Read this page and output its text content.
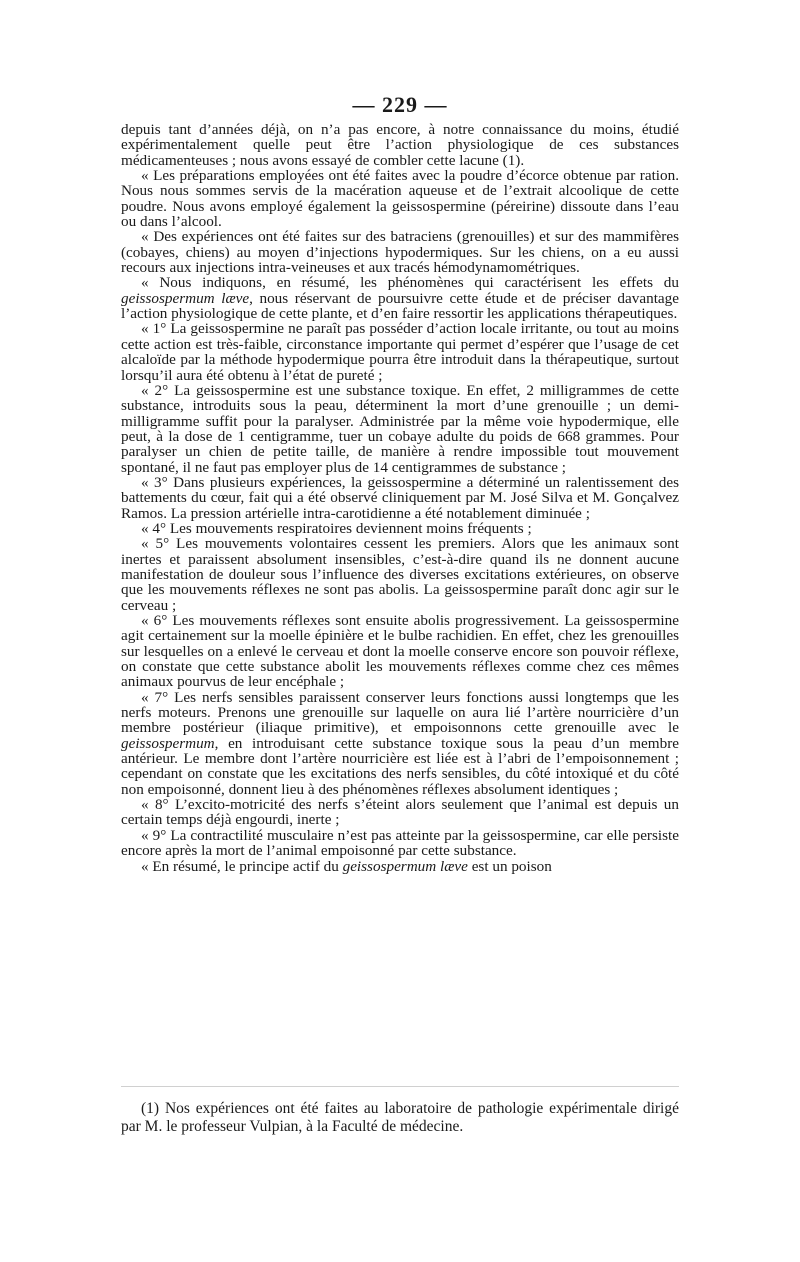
— 229 —

depuis tant d’années déjà, on n’a pas encore, à notre connaissance du moins, étudié expérimentalement quelle peut être l’action physiologique de ces substances médicamenteuses ; nous avons essayé de combler cette lacune (1).

« Les préparations employées ont été faites avec la poudre d’écorce obtenue par ration. Nous nous sommes servis de la macération aqueuse et de l’extrait alcoolique de cette poudre. Nous avons employé également la geissospermine (péreirine) dissoute dans l’eau ou dans l’alcool.

« Des expériences ont été faites sur des batraciens (grenouilles) et sur des mammifères (cobayes, chiens) au moyen d’injections hypodermiques. Sur les chiens, on a eu aussi recours aux injections intra-veineuses et aux tracés hémodynamométriques.

« Nous indiquons, en résumé, les phénomènes qui caractérisent les effets du geissospermum læve, nous réservant de poursuivre cette étude et de préciser davantage l’action physiologique de cette plante, et d’en faire ressortir les applications thérapeutiques.

« 1° La geissospermine ne paraît pas posséder d’action locale irritante, ou tout au moins cette action est très-faible, circonstance importante qui permet d’espérer que l’usage de cet alcaloïde par la méthode hypodermique pourra être introduit dans la thérapeutique, surtout lorsqu’il aura été obtenu à l’état de pureté ;

« 2° La geissospermine est une substance toxique. En effet, 2 milligrammes de cette substance, introduits sous la peau, déterminent la mort d’une grenouille ; un demi-milligramme suffit pour la paralyser. Administrée par la même voie hypodermique, elle peut, à la dose de 1 centigramme, tuer un cobaye adulte du poids de 668 grammes. Pour paralyser un chien de petite taille, de manière à rendre impossible tout mouvement spontané, il ne faut pas employer plus de 14 centigrammes de substance ;

« 3° Dans plusieurs expériences, la geissospermine a déterminé un ralentissement des battements du cœur, fait qui a été observé cliniquement par M. José Silva et M. Gonçalvez Ramos. La pression artérielle intra-carotidienne a été notablement diminuée ;

« 4° Les mouvements respiratoires deviennent moins fréquents ;

« 5° Les mouvements volontaires cessent les premiers. Alors que les animaux sont inertes et paraissent absolument insensibles, c’est-à-dire quand ils ne donnent aucune manifestation de douleur sous l’influence des diverses excitations extérieures, on observe que les mouvements réflexes ne sont pas abolis. La geissospermine paraît donc agir sur le cerveau ;

« 6° Les mouvements réflexes sont ensuite abolis progressivement. La geissospermine agit certainement sur la moelle épinière et le bulbe rachidien. En effet, chez les grenouilles sur lesquelles on a enlevé le cerveau et dont la moelle conserve encore son pouvoir réflexe, on constate que cette substance abolit les mouvements réflexes comme chez ces mêmes animaux pourvus de leur encéphale ;

« 7° Les nerfs sensibles paraissent conserver leurs fonctions aussi longtemps que les nerfs moteurs. Prenons une grenouille sur laquelle on aura lié l’artère nourricière d’un membre postérieur (iliaque primitive), et empoisonnons cette grenouille avec le geissospermum, en introduisant cette substance toxique sous la peau d’un membre antérieur. Le membre dont l’artère nourricière est liée est à l’abri de l’empoisonnement ; cependant on constate que les excitations des nerfs sensibles, du côté intoxiqué et du côté non empoisonné, donnent lieu à des phénomènes réflexes absolument identiques ;

« 8° L’excito-motricité des nerfs s’éteint alors seulement que l’animal est depuis un certain temps déjà engourdi, inerte ;

« 9° La contractilité musculaire n’est pas atteinte par la geissospermine, car elle persiste encore après la mort de l’animal empoisonné par cette substance.

« En résumé, le principe actif du geissospermum læve est un poison

(1) Nos expériences ont été faites au laboratoire de pathologie expérimentale dirigé par M. le professeur Vulpian, à la Faculté de médecine.
